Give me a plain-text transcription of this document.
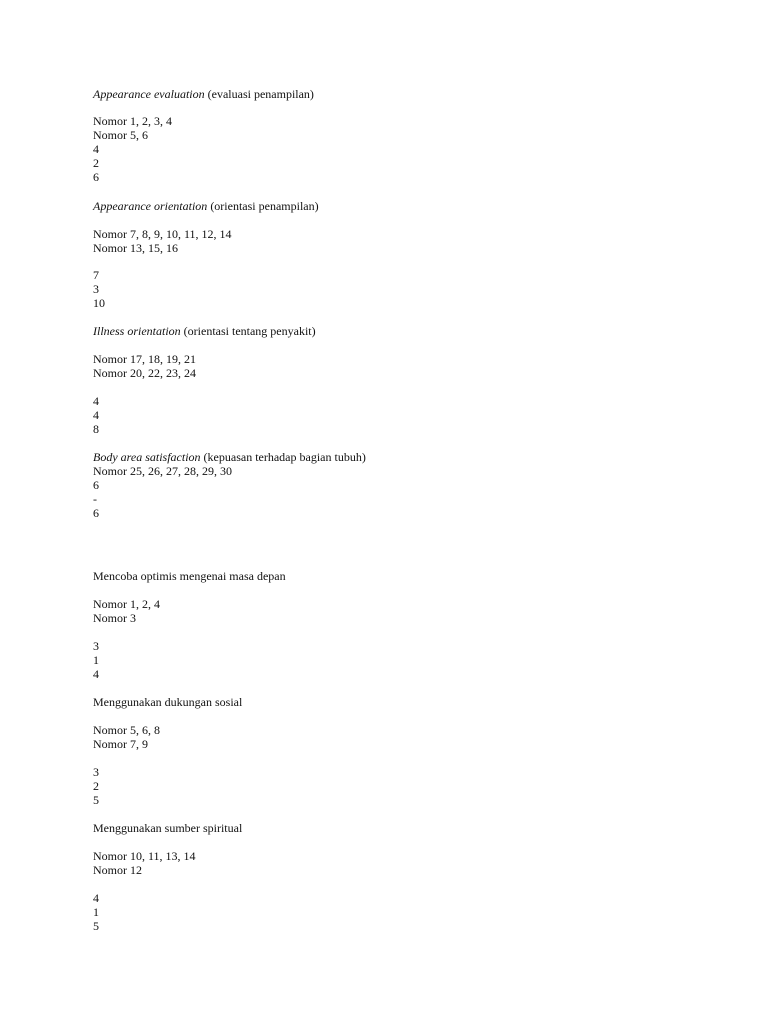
Appearance evaluation (evaluasi penampilan)
Nomor 1, 2, 3, 4
Nomor 5, 6
4
2
6
Appearance orientation (orientasi penampilan)
Nomor 7, 8, 9, 10, 11, 12, 14
Nomor 13, 15, 16
7
3
10
Illness orientation (orientasi tentang penyakit)
Nomor 17, 18, 19, 21
Nomor 20, 22, 23, 24
4
4
8
Body area satisfaction (kepuasan terhadap bagian tubuh)
Nomor 25, 26, 27, 28, 29, 30
6
-
6
Mencoba optimis mengenai masa depan
Nomor 1, 2, 4
Nomor 3
3
1
4
Menggunakan dukungan sosial
Nomor 5, 6, 8
Nomor 7, 9
3
2
5
Menggunakan sumber spiritual
Nomor 10, 11, 13, 14
Nomor 12
4
1
5
